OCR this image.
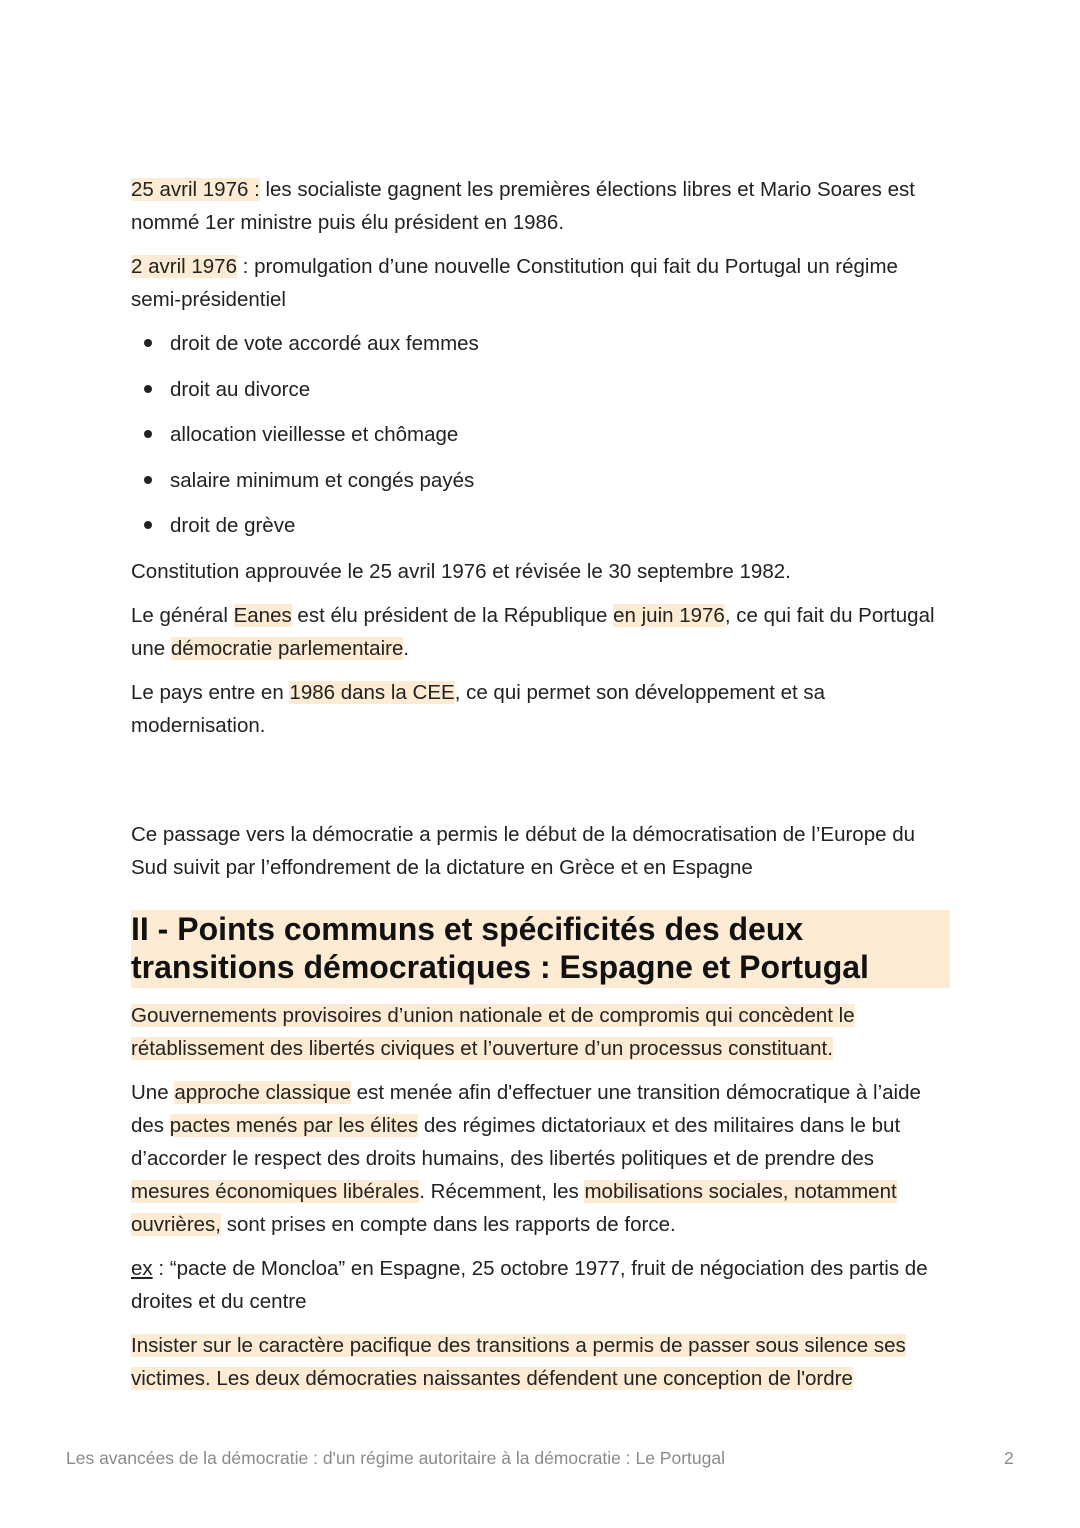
25 avril 1976 : les socialiste gagnent les premières élections libres et Mario Soares est nommé 1er ministre puis élu président en 1986.

2 avril 1976 : promulgation d’une nouvelle Constitution qui fait du Portugal un régime semi-présidentiel

droit de vote accordé aux femmes
droit au divorce
allocation vieillesse et chômage
salaire minimum et congés payés
droit de grève

Constitution approuvée le 25 avril 1976 et révisée le 30 septembre 1982.

Le général Eanes est élu président de la République en juin 1976, ce qui fait du Portugal une démocratie parlementaire.

Le pays entre en 1986 dans la CEE, ce qui permet son développement et sa modernisation.

Ce passage vers la démocratie a permis le début de la démocratisation de l’Europe du Sud suivit par l’effondrement de la dictature en Grèce et en Espagne

II - Points communs et spécificités des deux transitions démocratiques : Espagne et Portugal

Gouvernements provisoires d’union nationale et de compromis qui concèdent le rétablissement des libertés civiques et l’ouverture d’un processus constituant.

Une approche classique est menée afin d'effectuer une transition démocratique à l’aide des pactes menés par les élites des régimes dictatoriaux et des militaires dans le but d’accorder le respect des droits humains, des libertés politiques et de prendre des mesures économiques libérales. Récemment, les mobilisations sociales, notamment ouvrières, sont prises en compte dans les rapports de force.

ex : “pacte de Moncloa” en Espagne, 25 octobre 1977, fruit de négociation des partis de droites et du centre

Insister sur le caractère pacifique des transitions a permis de passer sous silence ses victimes. Les deux démocraties naissantes défendent une conception de l'ordre

Les avancées de la démocratie : d'un régime autoritaire à la démocratie : Le Portugal	2
